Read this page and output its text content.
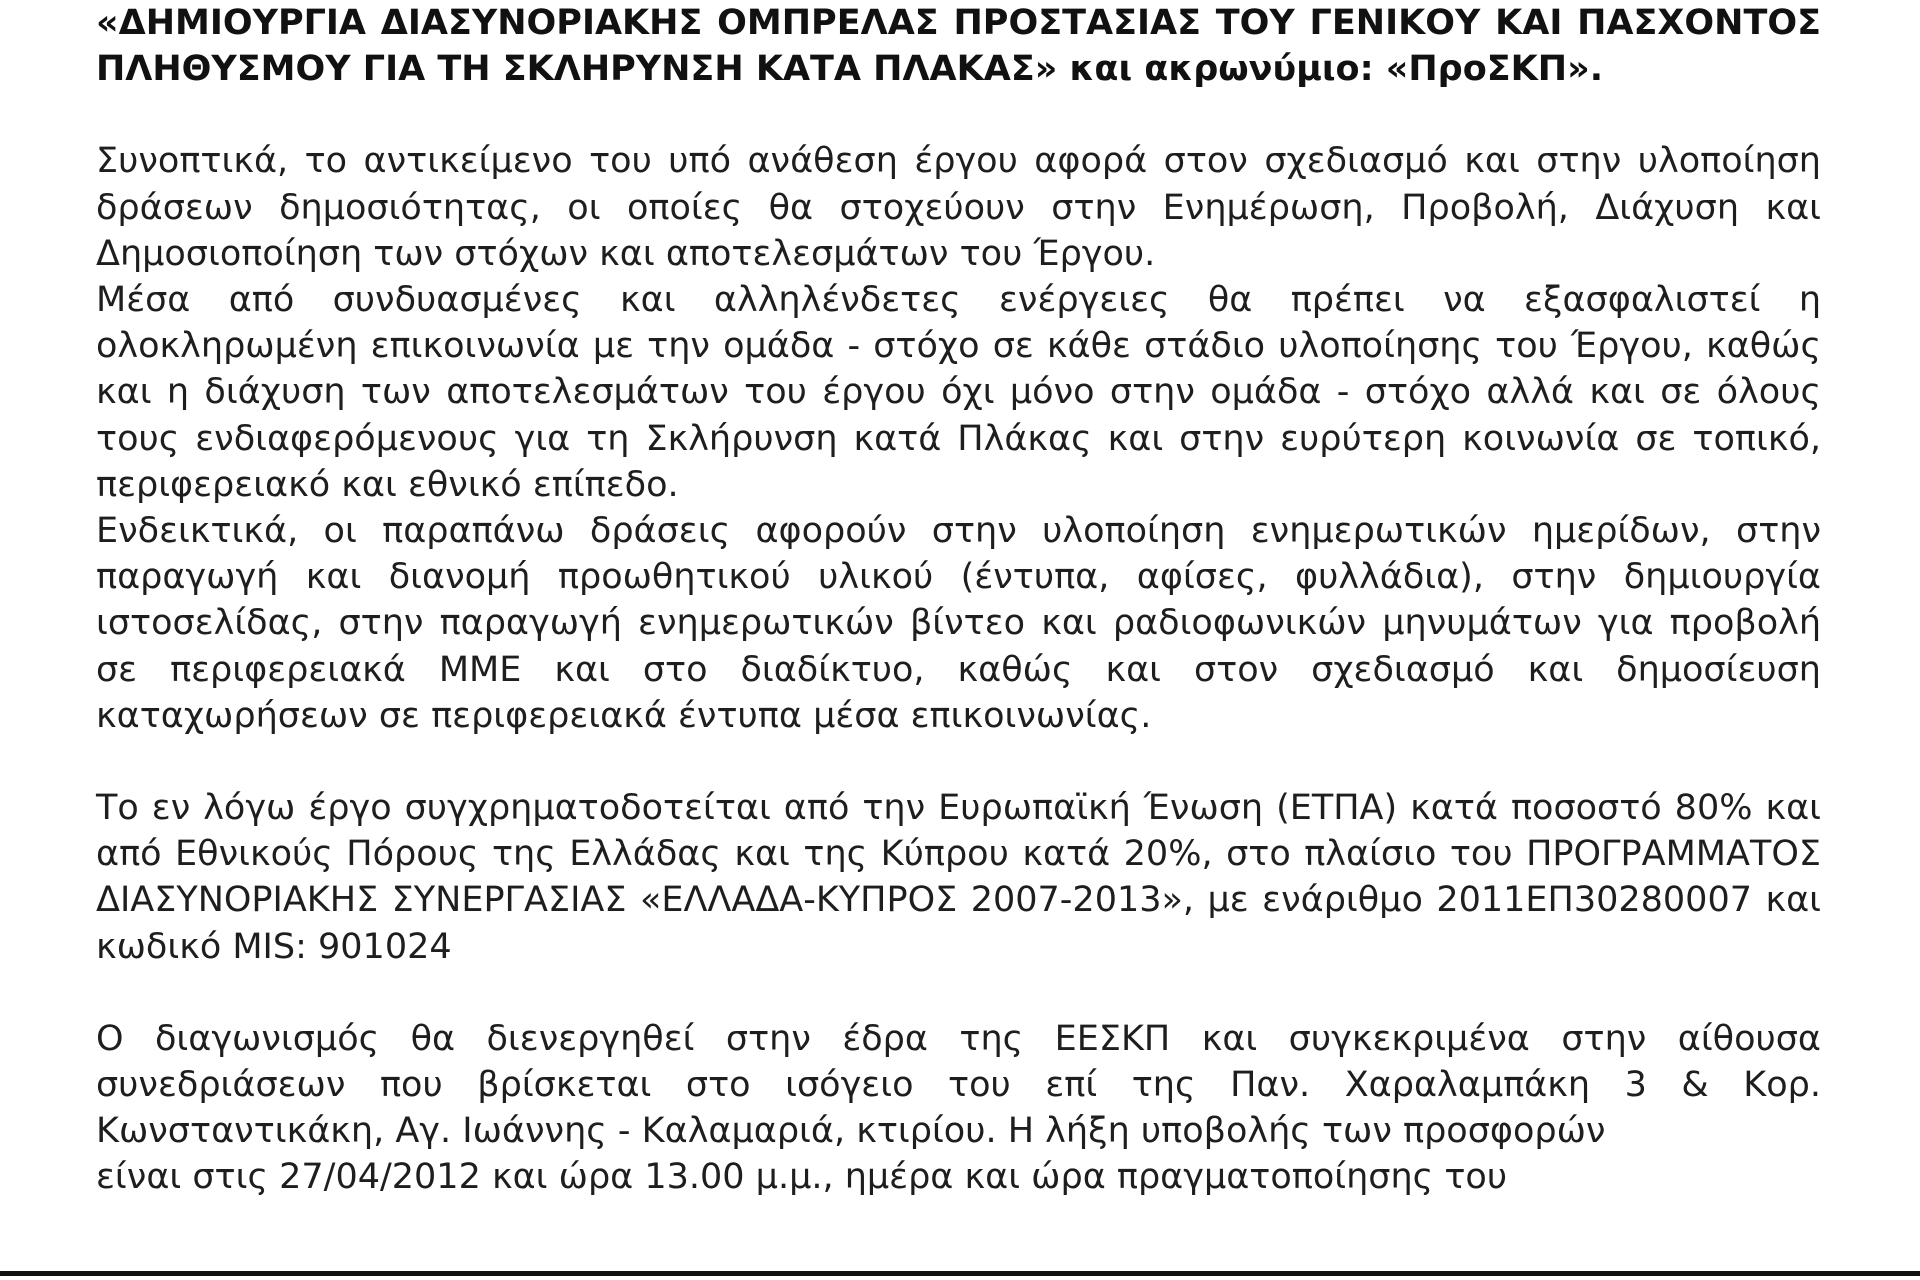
«ΔΗΜΙΟΥΡΓΙΑ ΔΙΑΣΥΝΟΡΙΑΚΗΣ ΟΜΠΡΕΛΑΣ ΠΡΟΣΤΑΣΙΑΣ ΤΟΥ ΓΕΝΙΚΟΥ ΚΑΙ ΠΑΣΧΟΝΤΟΣ ΠΛΗΘΥΣΜΟΥ ΓΙΑ ΤΗ ΣΚΛΗΡΥΝΣΗ ΚΑΤΑ ΠΛΑΚΑΣ» και ακρωνύμιο: «ΠροΣΚΠ».

Συνοπτικά, το αντικείμενο του υπό ανάθεση έργου αφορά στον σχεδιασμό και στην υλοποίηση δράσεων δημοσιότητας, οι οποίες θα στοχεύουν στην Ενημέρωση, Προβολή, Διάχυση και Δημοσιοποίηση των στόχων και αποτελεσμάτων του Έργου.

Μέσα από συνδυασμένες και αλληλένδετες ενέργειες θα πρέπει να εξασφαλιστεί η ολοκληρωμένη επικοινωνία με την ομάδα - στόχο σε κάθε στάδιο υλοποίησης του Έργου, καθώς και η διάχυση των αποτελεσμάτων του έργου όχι μόνο στην ομάδα - στόχο αλλά και σε όλους τους ενδιαφερόμενους για τη Σκλήρυνση κατά Πλάκας και στην ευρύτερη κοινωνία σε τοπικό, περιφερειακό και εθνικό επίπεδο.

Ενδεικτικά, οι παραπάνω δράσεις αφορούν στην υλοποίηση ενημερωτικών ημερίδων, στην παραγωγή και διανομή προωθητικού υλικού (έντυπα, αφίσες, φυλλάδια), στην δημιουργία ιστοσελίδας, στην παραγωγή ενημερωτικών βίντεο και ραδιοφωνικών μηνυμάτων για προβολή σε περιφερειακά ΜΜΕ και στο διαδίκτυο, καθώς και στον σχεδιασμό και δημοσίευση καταχωρήσεων σε περιφερειακά έντυπα μέσα επικοινωνίας.

Το εν λόγω έργο συγχρηματοδοτείται από την Ευρωπαϊκή Ένωση (ΕΤΠΑ) κατά ποσοστό 80% και από Εθνικούς Πόρους της Ελλάδας και της Κύπρου κατά 20%, στο πλαίσιο του ΠΡΟΓΡΑΜΜΑΤΟΣ ΔΙΑΣΥΝΟΡΙΑΚΗΣ ΣΥΝΕΡΓΑΣΙΑΣ «ΕΛΛΑΔΑ-ΚΥΠΡΟΣ 2007-2013», με ενάριθμο 2011ΕΠ30280007 και κωδικό MIS: 901024

Ο διαγωνισμός θα διενεργηθεί στην έδρα της ΕΕΣΚΠ και συγκεκριμένα στην αίθουσα συνεδριάσεων που βρίσκεται στο ισόγειο του επί της Παν. Χαραλαμπάκη 3 & Κορ. Κωνσταντικάκη, Αγ. Ιωάννης - Καλαμαριά, κτιρίου. Η λήξη υποβολής των προσφορών

είναι στις 27/04/2012 και ώρα 13.00 μ.μ., ημέρα και ώρα πραγματοποίησης του
